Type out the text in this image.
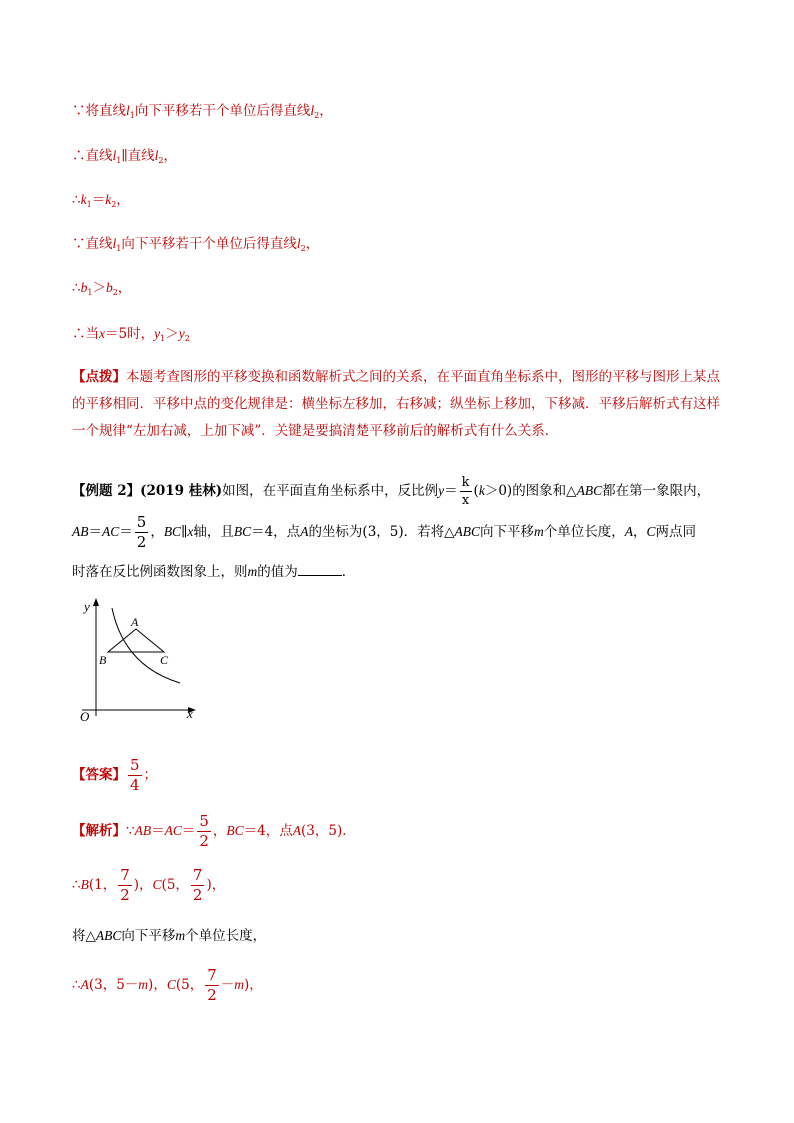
∵将直线$l_1$向下平移若干个单位后得直线$l_2$，
∴直线$l_1\parallel$直线$l_2$，
$\therefore k_1=k_2$，
∵直线$l_1$向下平移若干个单位后得直线$l_2$，
$\therefore b_1>b_2$，
∴当x＝5时，$y_1>y_2$
【点拨】本题考查图形的平移变换和函数解析式之间的关系，在平面直角坐标系中，图形的平移与图形上某点的平移相同．平移中点的变化规律是：横坐标左移加，右移减；纵坐标上移加，下移减．平移后解析式有这样一个规律“左加右减，上加下减”．关键是要搞清楚平移前后的解析式有什么关系．
【例题 2】(2019 桂林)如图，在平面直角坐标系中，反比例$y= \frac{k}{x} (k>0)$的图象和△ABC都在第一象限内，
$AB=AC= \frac{5}{2}$ ，BC∥x轴，且BC＝4，点A的坐标为(3，5)．若将△ABC向下平移m个单位长度，A，C两点同
时落在反比例函数图象上，则m的值为	．
y
x
O
A
B	C
【答案】 $\frac{5}{4}$ ；
【解析】∵AB＝AC＝ $\frac{5}{2}$ ，BC＝4，点A(3，5)．
∴B(1， $\frac{7}{2}$ )，C(5， $\frac{7}{2}$ )，
将△ABC向下平移m个单位长度，
∴A(3，5－m)，C(5， $\frac{7}{2} -m$)，
